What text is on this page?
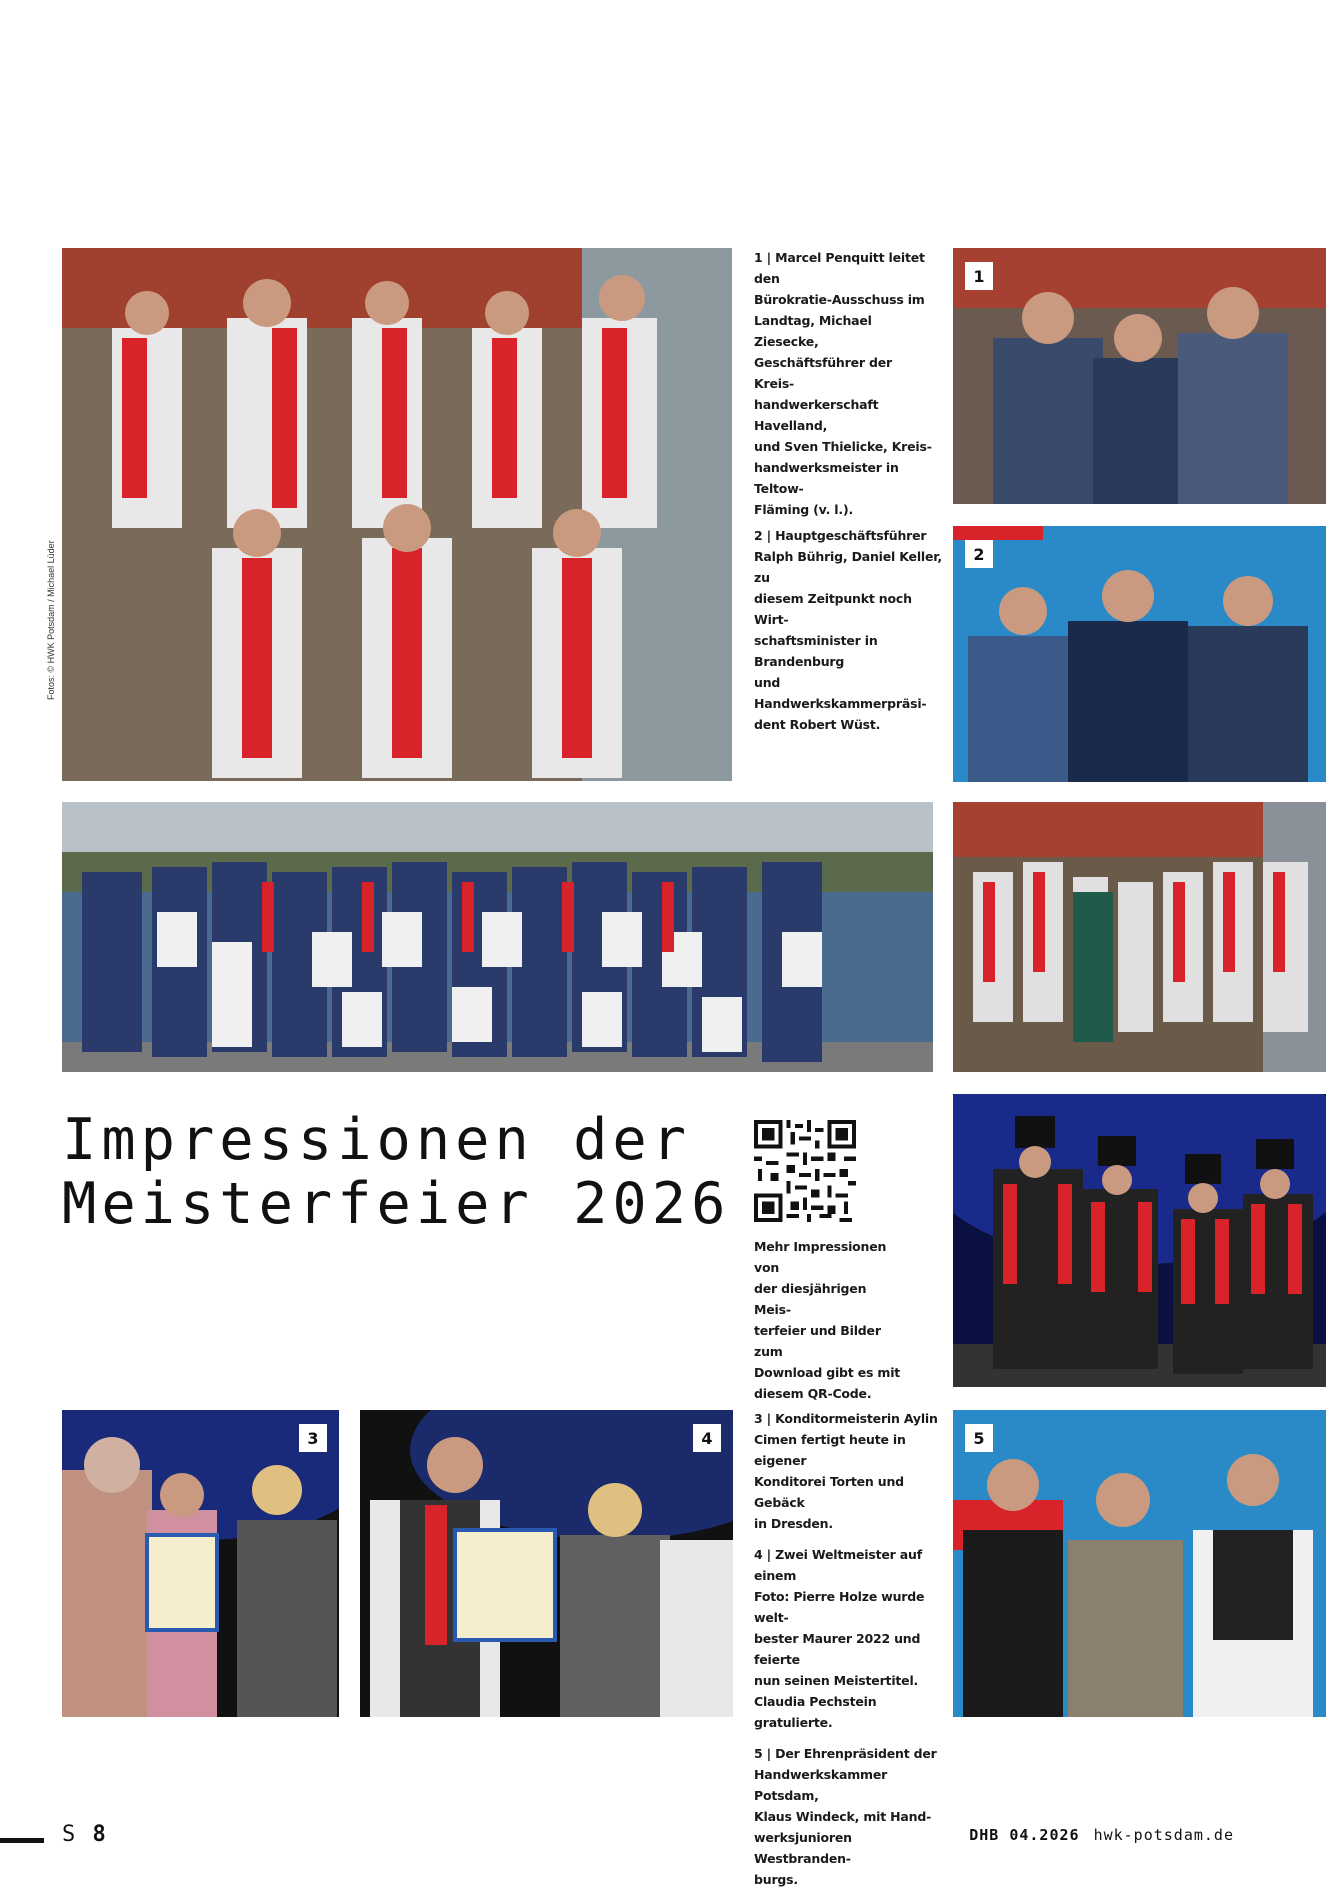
Fotos: © HWK Potsdam / Michael Lüder

1 | Marcel Penquitt leitet den
Bürokratie-Ausschuss im
Landtag, Michael Ziesecke,
Geschäftsführer der Kreis-
handwerkerschaft Havelland,
und Sven Thielicke, Kreis-
handwerksmeister in Teltow-
Fläming (v. l.).

1

2 | Hauptgeschäftsführer
Ralph Bührig, Daniel Keller, zu
diesem Zeitpunkt noch Wirt-
schaftsminister in Brandenburg
und Handwerkskammerpräsi-
dent Robert Wüst.

2
Impressionen der
Meisterfeier 2026

Mehr Impressionen von
der diesjährigen Meis-
terfeier und Bilder zum
Download gibt es mit
diesem QR-Code.

3	4

3 | Konditormeisterin Aylin
Cimen fertigt heute in eigener
Konditorei Torten und Gebäck
in Dresden.

4 | Zwei Weltmeister auf einem
Foto: Pierre Holze wurde welt-
bester Maurer 2022 und feierte
nun seinen Meistertitel.
Claudia Pechstein gratulierte.

5 | Der Ehrenpräsident der
Handwerkskammer Potsdam,
Klaus Windeck, mit Hand-
werksjunioren Westbranden-
burgs.

5
S 8	DHB 04.2026 hwk-potsdam.de
